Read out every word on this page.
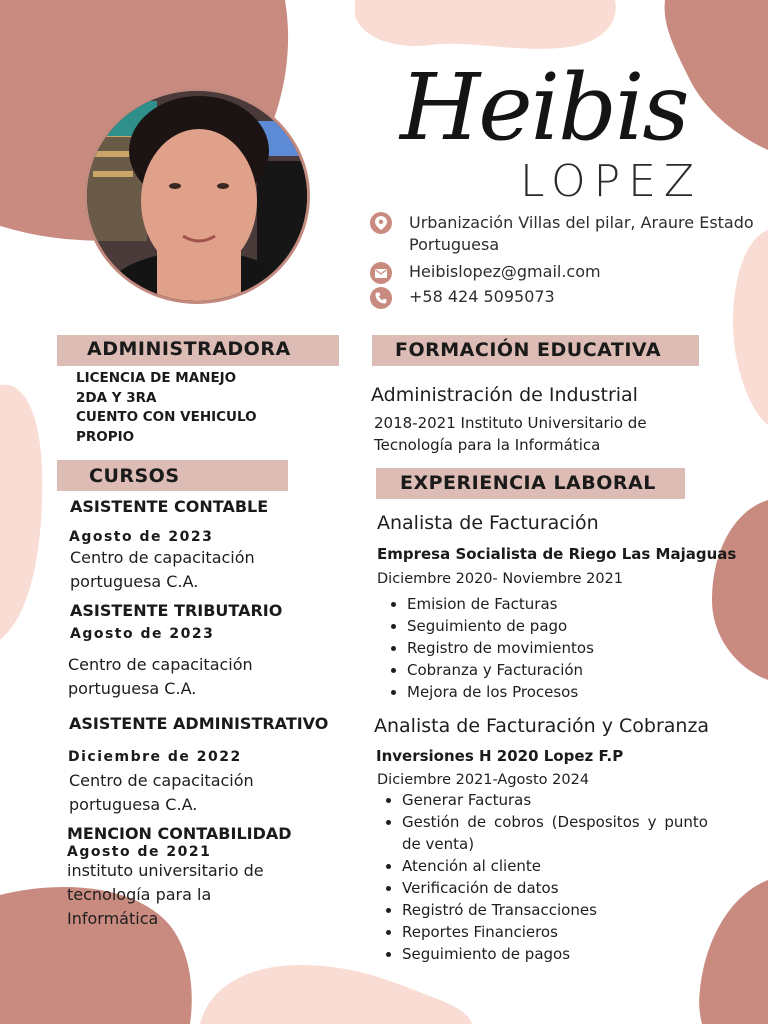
Heibis
LOPEZ
Urbanización Villas del pilar, Araure Estado Portuguesa
Heibislopez@gmail.com
+58 424 5095073
ADMINISTRADORA
LICENCIA DE MANEJO
2DA Y 3RA
CUENTO CON VEHICULO
PROPIO
CURSOS
ASISTENTE CONTABLE
Agosto de 2023
Centro de capacitación
portuguesa C.A.
ASISTENTE TRIBUTARIO
Agosto de 2023
Centro de capacitación
portuguesa C.A.
ASISTENTE ADMINISTRATIVO
Diciembre de 2022
Centro de capacitación
portuguesa C.A.
MENCION CONTABILIDAD
Agosto de 2021
instituto universitario de
tecnología para la
Informática
FORMACIÓN EDUCATIVA
Administración de Industrial
2018-2021 Instituto Universitario de
Tecnología para la Informática
EXPERIENCIA LABORAL
Analista de Facturación
Empresa Socialista de Riego Las Majaguas
Diciembre 2020- Noviembre 2021
• Emision de Facturas
• Seguimiento de pago
• Registro de movimientos
• Cobranza y Facturación
• Mejora de los Procesos
Analista de Facturación y Cobranza
Inversiones H 2020 Lopez F.P
Diciembre 2021-Agosto 2024
• Generar Facturas
• Gestión de cobros (Despositos y punto de venta)
• Atención al cliente
• Verificación de datos
• Registró de Transacciones
• Reportes Financieros
• Seguimiento de pagos
